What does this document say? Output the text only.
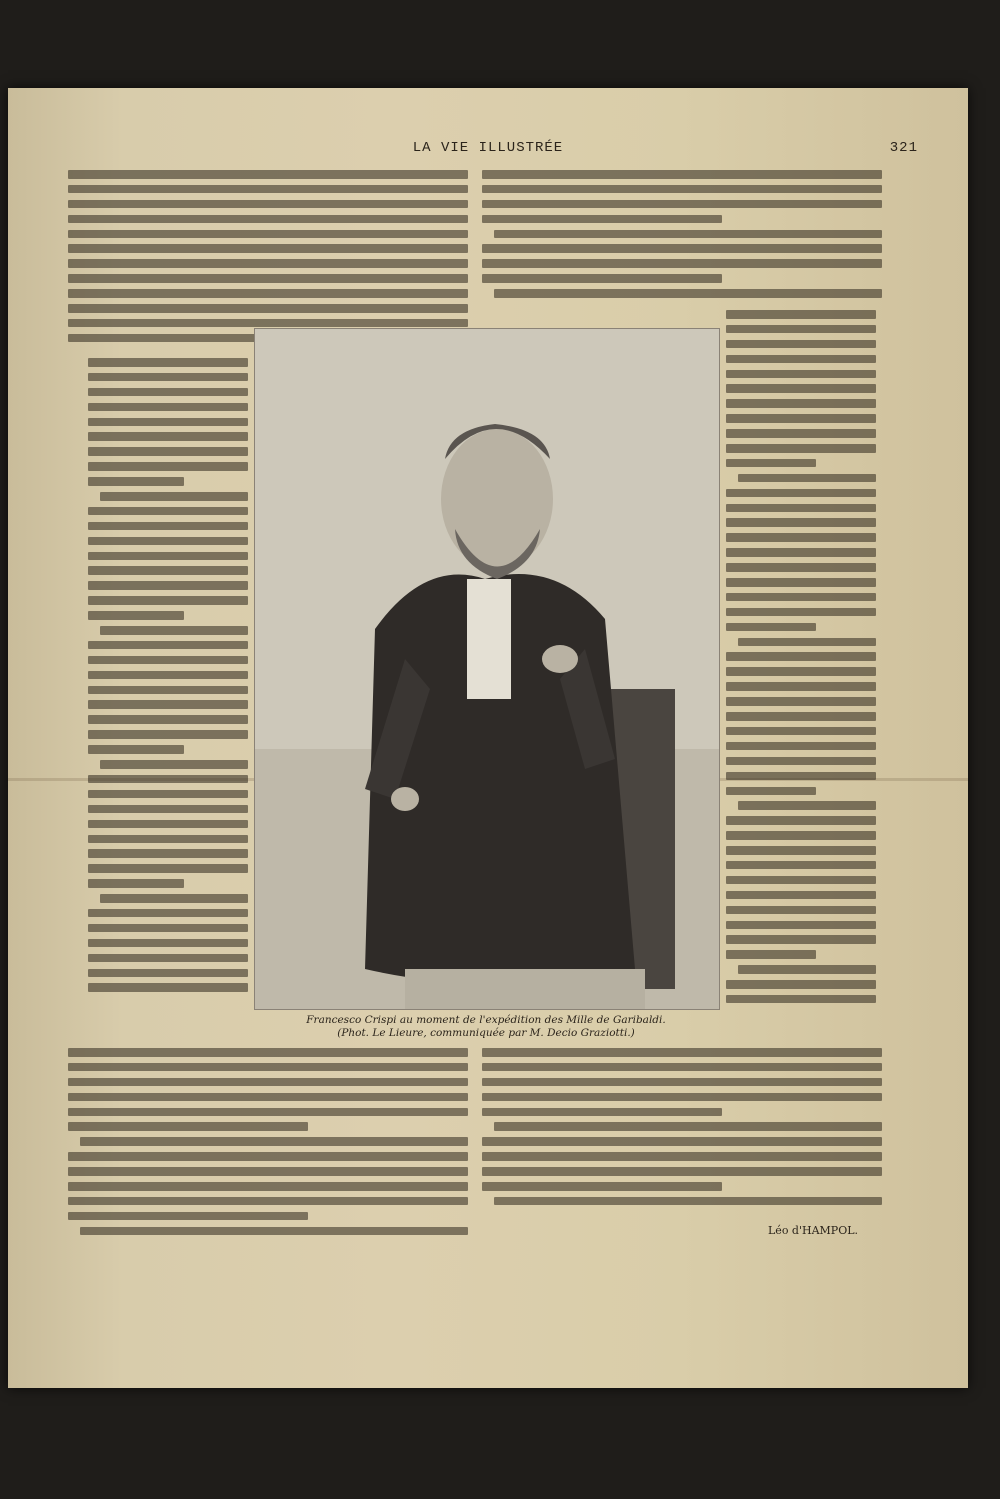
LA VIE ILLUSTRÉE	321
Francesco Crispi au moment de l'expédition des Mille de Garibaldi.
(Phot. Le Lieure, communiquée par M. Decio Graziotti.)
Léo d'HAMPOL.
